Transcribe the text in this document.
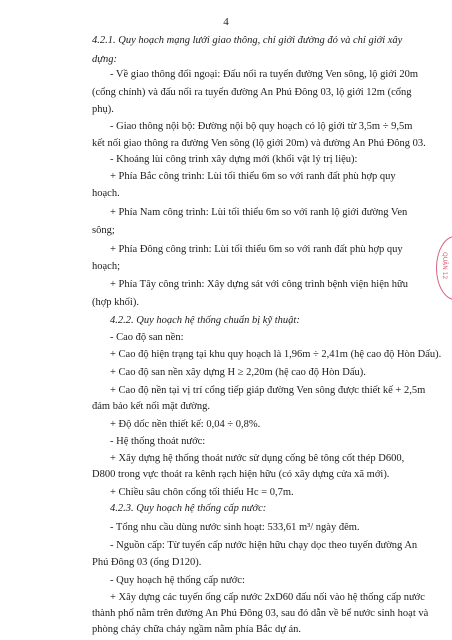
4
4.2.1. Quy hoạch mạng lưới giao thông, chỉ giới đường đỏ và chỉ giới xây
dựng:
- Về giao thông đối ngoại: Đấu nối ra tuyến đường Ven sông, lộ giới 20m
(cổng chính) và đấu nối ra tuyến đường An Phú Đông 03, lộ giới 12m (cổng
phụ).
- Giao thông nội bộ: Đường nội bộ quy hoạch có lộ giới từ 3,5m ÷ 9,5m
kết nối giao thông ra đường Ven sông (lộ giới 20m) và đường An Phú Đông 03.
- Khoảng lùi công trình xây dựng mới (khối vật lý trị liệu):
+ Phía Bắc công trình: Lùi tối thiểu 6m so với ranh đất phù hợp quy
hoạch.
+ Phía Nam công trình: Lùi tối thiểu 6m so với ranh lộ giới đường Ven
sông;
+ Phía Đông công trình: Lùi tối thiểu 6m so với ranh đất phù hợp quy
hoạch;
+ Phía Tây công trình: Xây dựng sát với công trình bệnh viện hiện hữu
(hợp khối).
4.2.2. Quy hoạch hệ thống chuẩn bị kỹ thuật:
- Cao độ san nền:
+ Cao độ hiện trạng tại khu quy hoạch là 1,96m ÷ 2,41m (hệ cao độ Hòn Dấu).
+ Cao độ san nền xây dựng H ≥ 2,20m (hệ cao độ Hòn Dấu).
+ Cao độ nền tại vị trí cổng tiếp giáp đường Ven sông được thiết kế + 2,5m
đảm bảo kết nối mặt đường.
+ Độ dốc nền thiết kế: 0,04 ÷ 0,8%.
- Hệ thống thoát nước:
+ Xây dựng hệ thống thoát nước sử dụng cống bê tông cốt thép D600,
D800 trong vực thoát ra kênh rạch hiện hữu (có xây dựng cửa xã mới).
+ Chiều sâu chôn cống tối thiểu Hc = 0,7m.
4.2.3. Quy hoạch hệ thống cấp nước:
- Tổng nhu cầu dùng nước sinh hoạt: 533,61 m³/ ngày đêm.
- Nguồn cấp: Từ tuyến cấp nước hiện hữu chạy dọc theo tuyến đường An
Phú Đông 03 (ống D120).
- Quy hoạch hệ thống cấp nước:
+ Xây dựng các tuyến ống cấp nước 2xD60 đấu nối vào hệ thống cấp nước
thành phố nằm trên đường An Phú Đông 03, sau đó dẫn về bể nước sinh hoạt và
phòng cháy chữa cháy ngầm nằm phía Bắc dự án.
QUẬN 12
